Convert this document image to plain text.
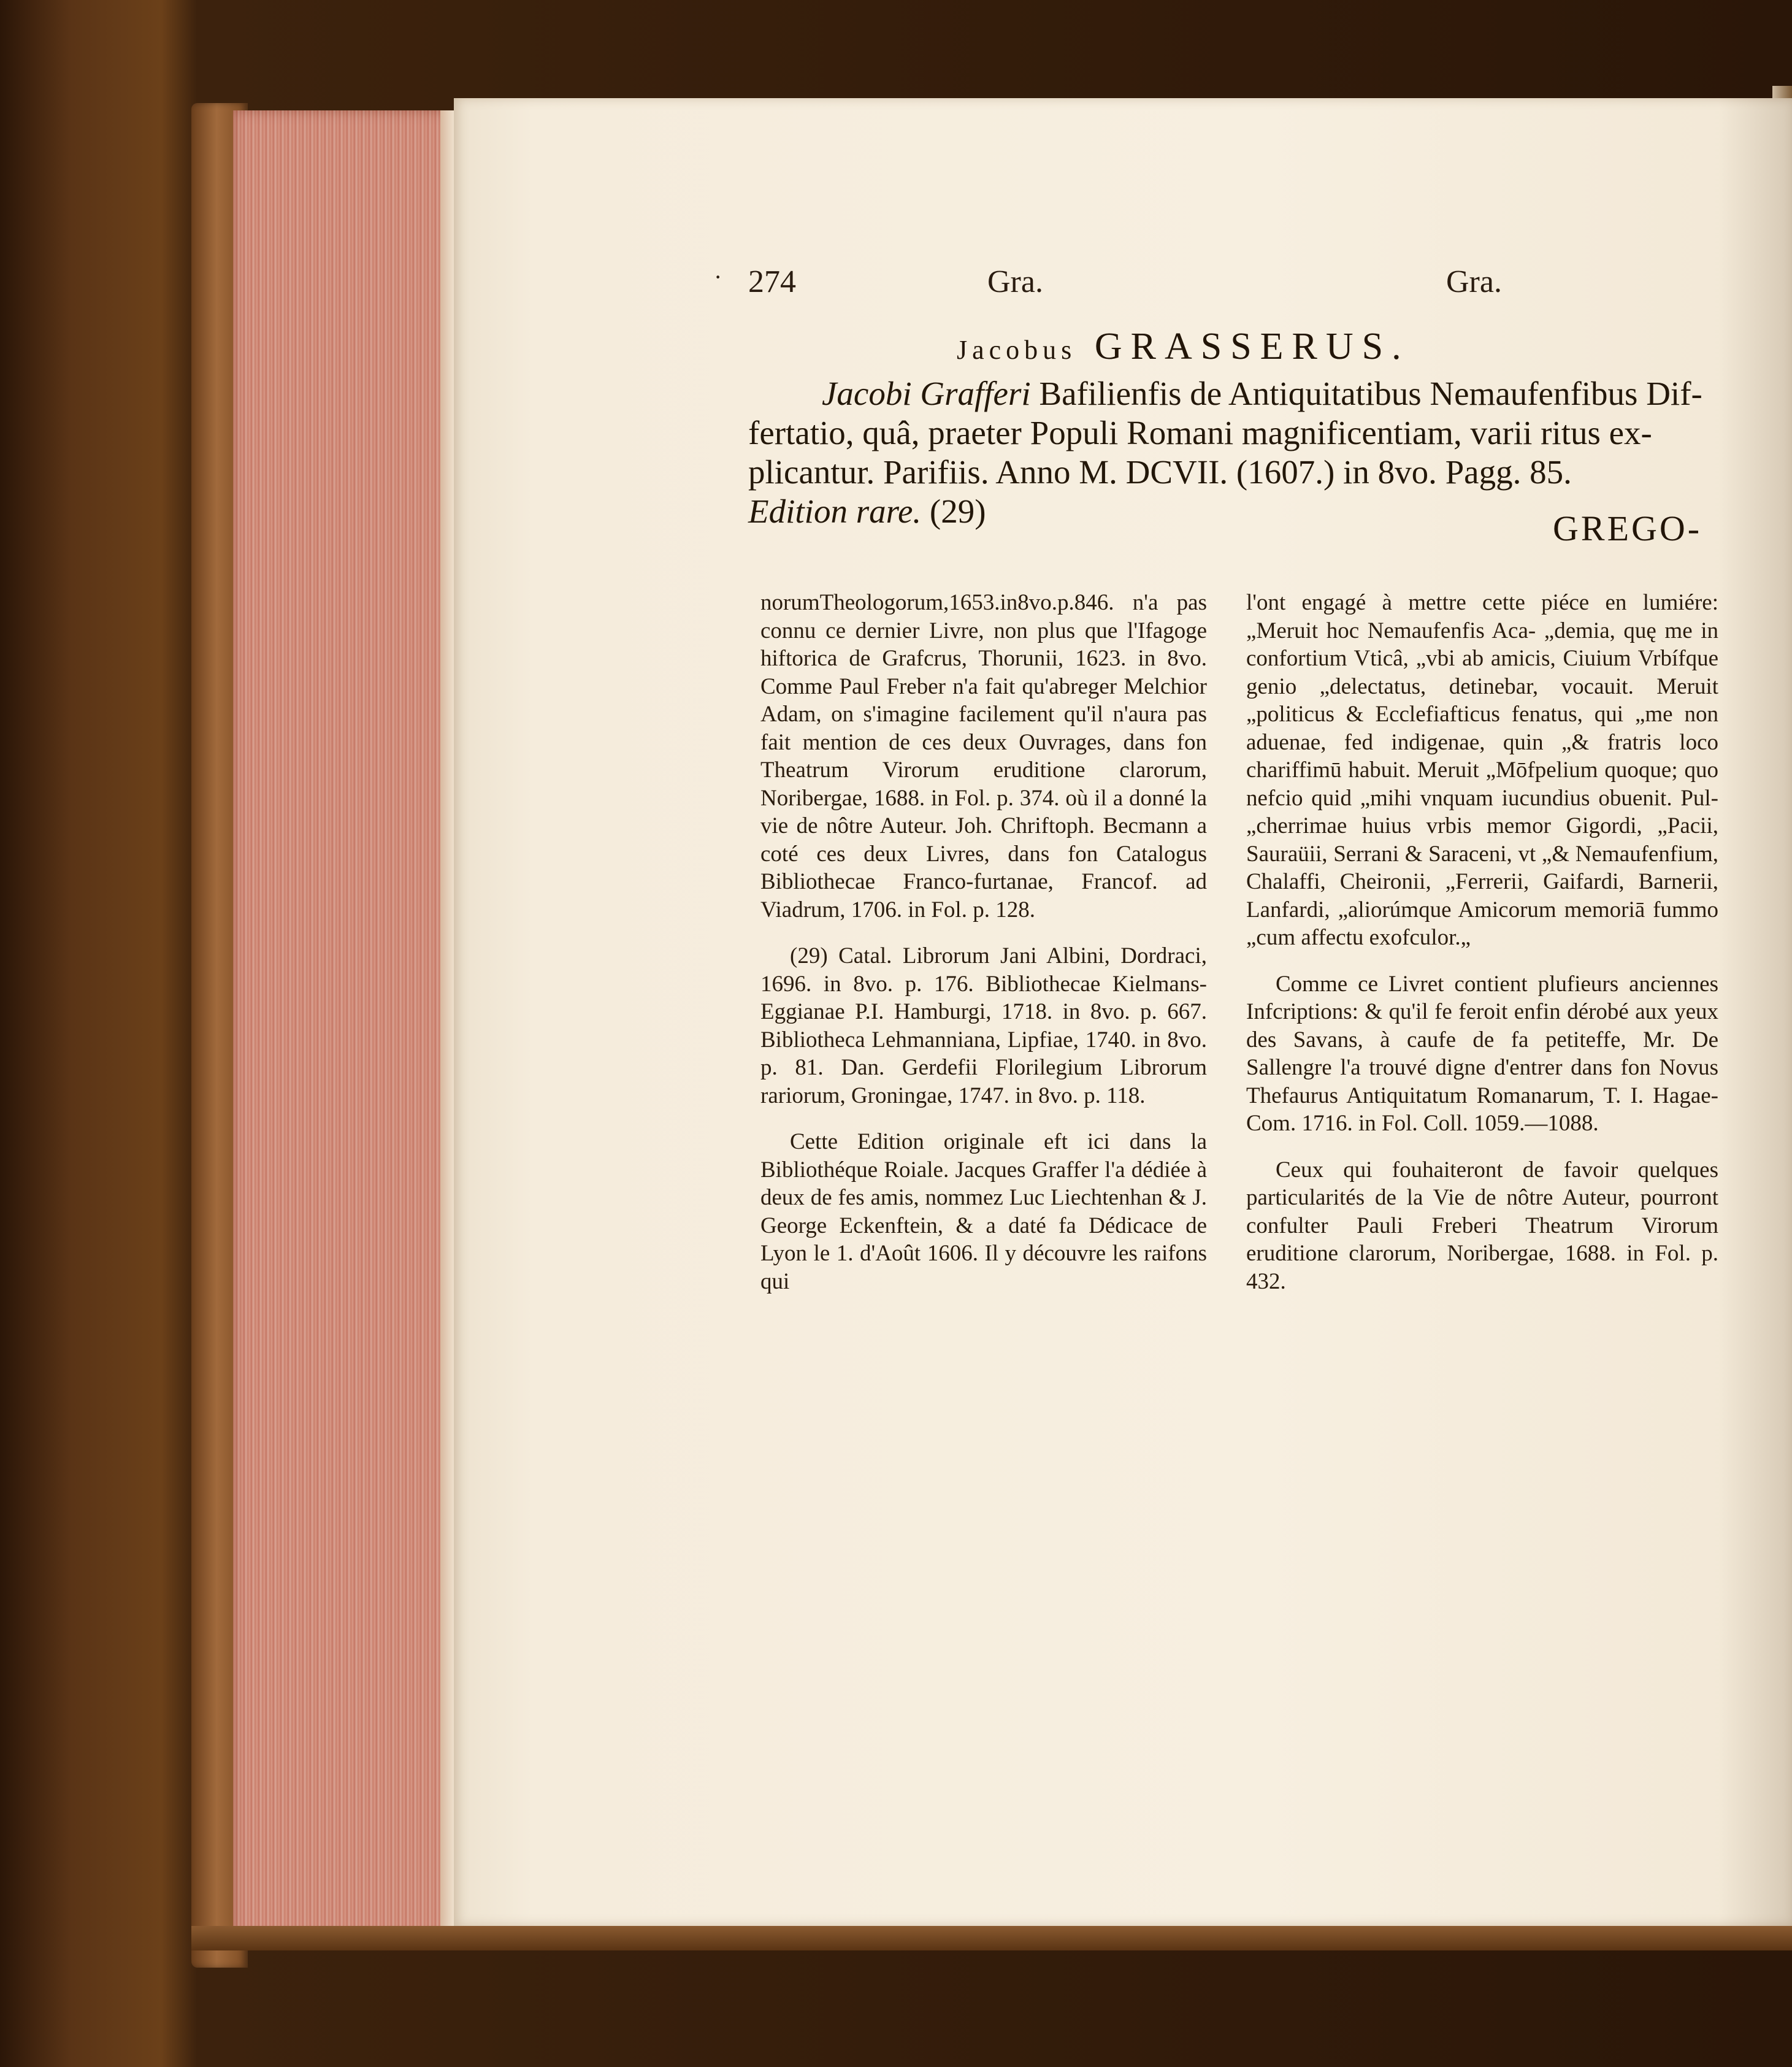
· 274	Gra.	Gra.
Jacobus GRASSERUS.
Jacobi Grafferi Bafilienfis de Antiquitatibus Nemaufenfibus Dif-
fertatio, quâ, praeter Populi Romani magnificentiam, varii ritus ex-
plicantur. Parifiis. Anno M. DCVII. (1607.) in 8vo. Pagg. 85.
Edition rare. (29)	GREGO-

norumTheologorum,1653.in8vo.p.846. n'a pas connu ce dernier Livre, non plus que l'Ifagoge hiftorica de Grafcrus, Thorunii, 1623. in 8vo. Comme Paul Freber n'a fait qu'abreger Melchior Adam, on s'imagine facilement qu'il n'aura pas fait mention de ces deux Ouvrages, dans fon Theatrum Virorum eruditione clarorum, Noribergae, 1688. in Fol. p. 374. où il a donné la vie de nôtre Auteur. Joh. Chriftoph. Becmann a coté ces deux Livres, dans fon Catalogus Bibliothecae Franco-furtanae, Francof. ad Viadrum, 1706. in Fol. p. 128.

(29) Catal. Librorum Jani Albini, Dordraci, 1696. in 8vo. p. 176. Bibliothecae Kielmans-Eggianae P.I. Hamburgi, 1718. in 8vo. p. 667. Bibliotheca Lehmanniana, Lipfiae, 1740. in 8vo. p. 81. Dan. Gerdefii Florilegium Librorum rariorum, Groningae, 1747. in 8vo. p. 118.

Cette Edition originale eft ici dans la Bibliothéque Roiale. Jacques Graffer l'a dédiée à deux de fes amis, nommez Luc Liechtenhan & J. George Eckenftein, & a daté fa Dédicace de Lyon le 1. d'Août 1606. Il y découvre les raifons qui

l'ont engagé à mettre cette piéce en lumiére: „Meruit hoc Nemaufenfis Aca- „demia, quę me in confortium Vticâ, „vbi ab amicis, Ciuium Vrbífque genio „delectatus, detinebar, vocauit. Meruit „politicus & Ecclefiafticus fenatus, qui „me non aduenae, fed indigenae, quin „& fratris loco chariffimū habuit. Meruit „Mōfpelium quoque; quo nefcio quid „mihi vnquam iucundius obuenit. Pul- „cherrimae huius vrbis memor Gigordi, „Pacii, Sauraüii, Serrani & Saraceni, vt „& Nemaufenfium, Chalaffi, Cheironii, „Ferrerii, Gaifardi, Barnerii, Lanfardi, „aliorúmque Amicorum memoriā fummo „cum affectu exofculor.„

Comme ce Livret contient plufieurs anciennes Infcriptions: & qu'il fe feroit enfin dérobé aux yeux des Savans, à caufe de fa petiteffe, Mr. De Sallengre l'a trouvé digne d'entrer dans fon Novus Thefaurus Antiquitatum Romanarum, T. I. Hagae-Com. 1716. in Fol. Coll. 1059.—1088.

Ceux qui fouhaiteront de favoir quelques particularités de la Vie de nôtre Auteur, pourront confulter Pauli Freberi Theatrum Virorum eruditione clarorum, Noribergae, 1688. in Fol. p. 432.
